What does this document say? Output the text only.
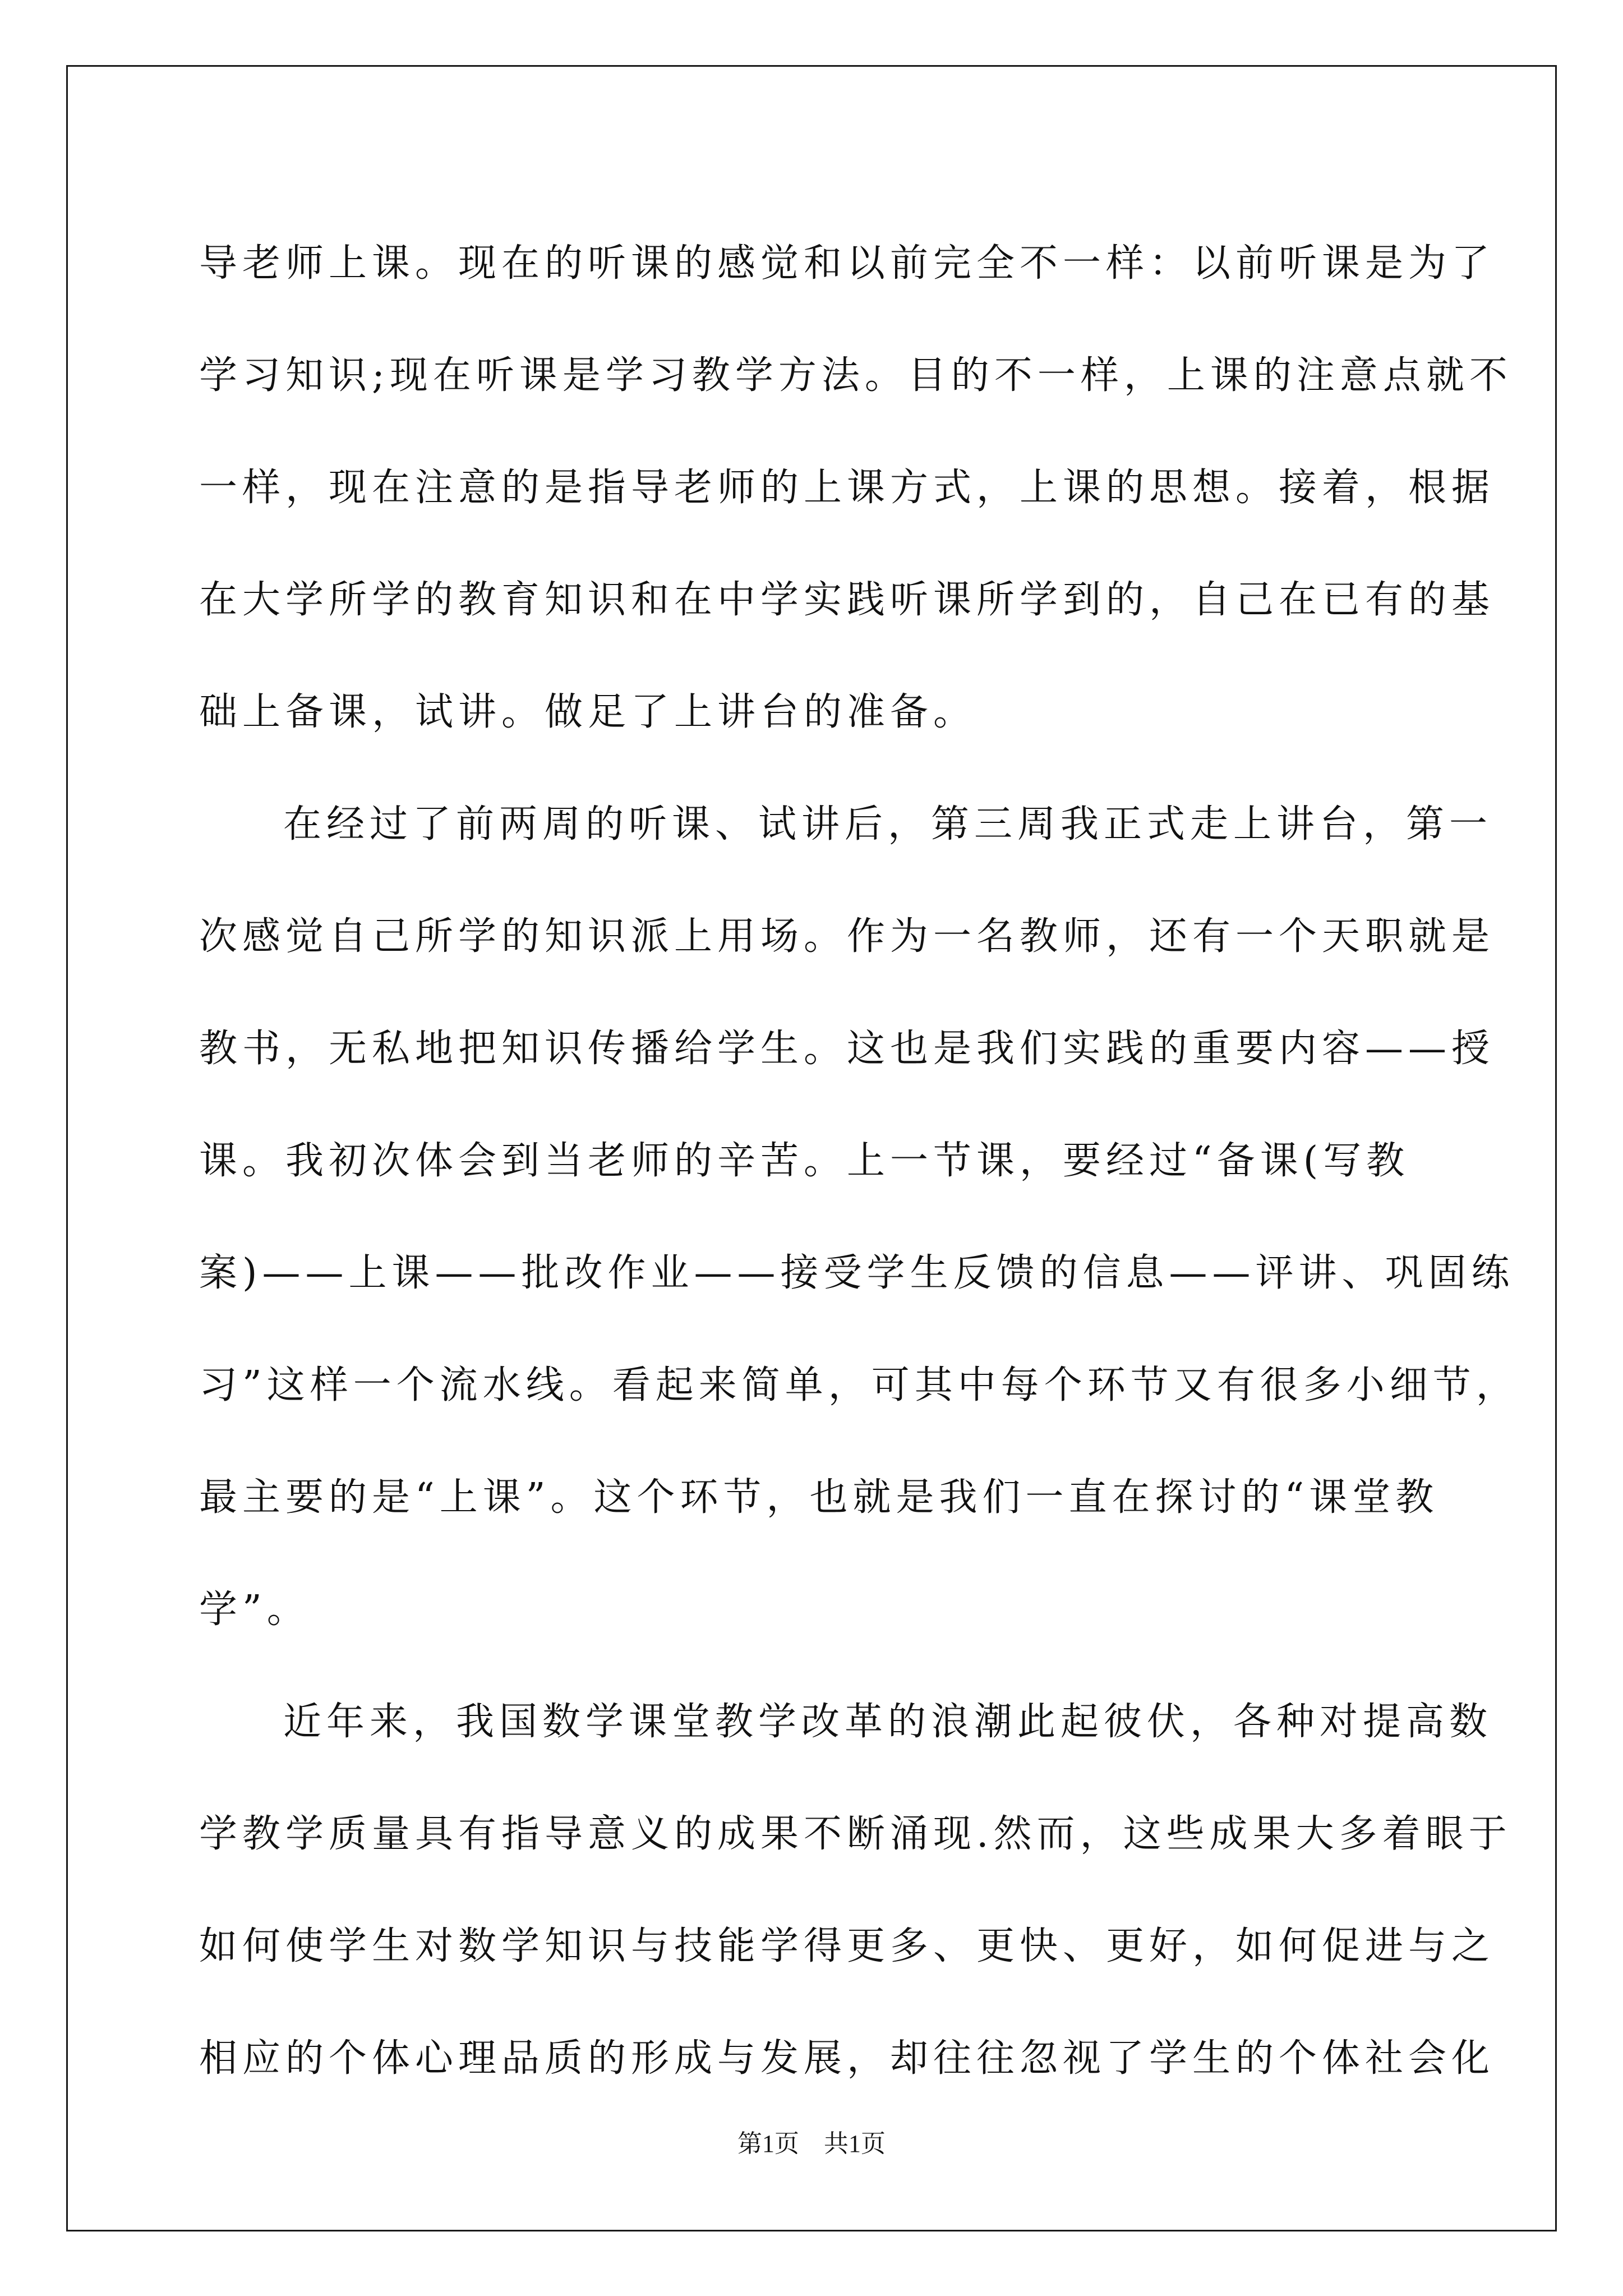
导老师上课。现在的听课的感觉和以前完全不一样：以前听课是为了
学习知识;现在听课是学习教学方法。目的不一样，上课的注意点就不
一样，现在注意的是指导老师的上课方式，上课的思想。接着，根据
在大学所学的教育知识和在中学实践听课所学到的，自己在已有的基
础上备课，试讲。做足了上讲台的准备。
在经过了前两周的听课、试讲后，第三周我正式走上讲台，第一
次感觉自己所学的知识派上用场。作为一名教师，还有一个天职就是
教书，无私地把知识传播给学生。这也是我们实践的重要内容——授
课。我初次体会到当老师的辛苦。上一节课，要经过“备课(写教
案)——上课——批改作业——接受学生反馈的信息——评讲、巩固练
习”这样一个流水线。看起来简单，可其中每个环节又有很多小细节，
最主要的是“上课”。这个环节，也就是我们一直在探讨的“课堂教
学”。
近年来，我国数学课堂教学改革的浪潮此起彼伏，各种对提高数
学教学质量具有指导意义的成果不断涌现.然而，这些成果大多着眼于
如何使学生对数学知识与技能学得更多、更快、更好，如何促进与之
相应的个体心理品质的形成与发展，却往往忽视了学生的个体社会化
第1页　共1页
